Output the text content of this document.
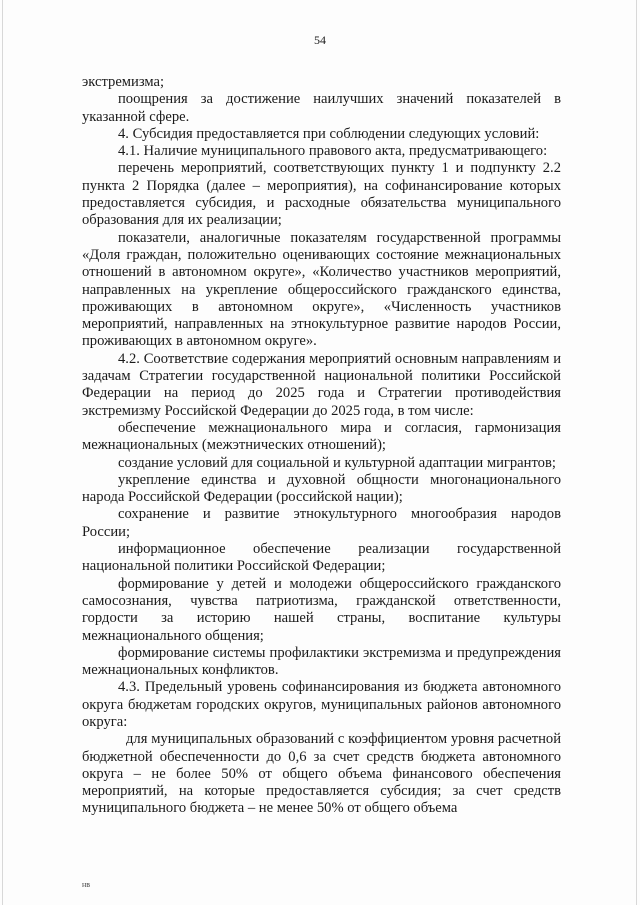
54

экстремизма;

поощрения за достижение наилучших значений показателей в указанной сфере.

4. Субсидия предоставляется при соблюдении следующих условий:

4.1. Наличие муниципального правового акта, предусматривающего:

перечень мероприятий, соответствующих пункту 1 и подпункту 2.2 пункта 2 Порядка (далее – мероприятия), на софинансирование которых предоставляется субсидия, и расходные обязательства муниципального образования для их реализации;

показатели, аналогичные показателям государственной программы «Доля граждан, положительно оценивающих состояние межнациональных отношений в автономном округе», «Количество участников мероприятий, направленных на укрепление общероссийского гражданского единства, проживающих в автономном округе», «Численность участников мероприятий, направленных на этнокультурное развитие народов России, проживающих в автономном округе».

4.2. Соответствие содержания мероприятий основным направлениям и задачам Стратегии государственной национальной политики Российской Федерации на период до 2025 года и Стратегии противодействия экстремизму Российской Федерации до 2025 года, в том числе:

обеспечение межнационального мира и согласия, гармонизация межнациональных (межэтнических отношений);

создание условий для социальной и культурной адаптации мигрантов;

укрепление единства и духовной общности многонационального народа Российской Федерации (российской нации);

сохранение и развитие этнокультурного многообразия народов России;

информационное обеспечение реализации государственной национальной политики Российской Федерации;

формирование у детей и молодежи общероссийского гражданского самосознания, чувства патриотизма, гражданской ответственности, гордости за историю нашей страны, воспитание культуры межнационального общения;

формирование системы профилактики экстремизма и предупреждения межнациональных конфликтов.

4.3. Предельный уровень софинансирования из бюджета автономного округа бюджетам городских округов, муниципальных районов автономного округа:

для муниципальных образований с коэффициентом уровня расчетной бюджетной обеспеченности до 0,6 за счет средств бюджета автономного округа – не более 50% от общего объема финансового обеспечения мероприятий, на которые предоставляется субсидия; за счет средств муниципального бюджета – не менее 50% от общего объема

нв
